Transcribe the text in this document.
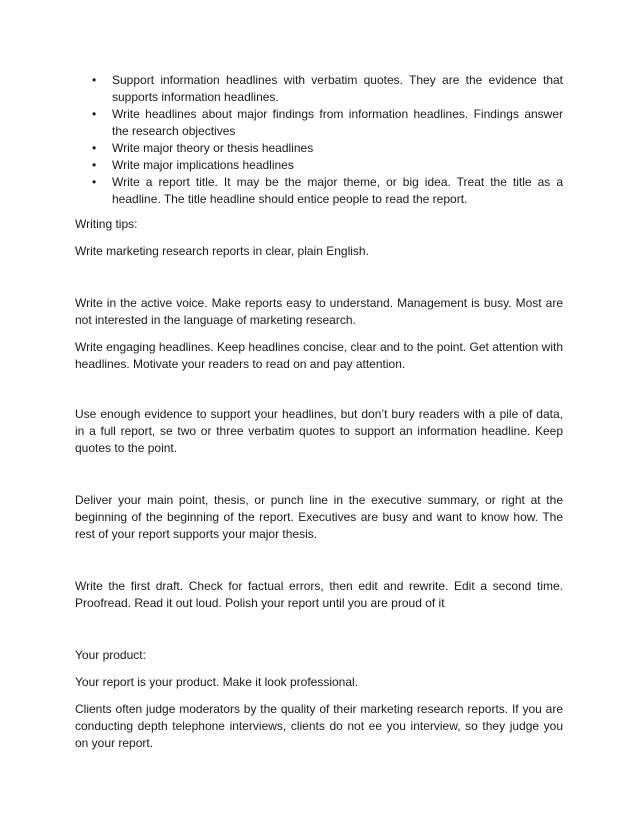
• Support information headlines with verbatim quotes. They are the evidence that supports information headlines.
• Write headlines about major findings from information headlines. Findings answer the research objectives
• Write major theory or thesis headlines
• Write major implications headlines
• Write a report title. It may be the major theme, or big idea. Treat the title as a headline. The title headline should entice people to read the report.

Writing tips:

Write marketing research reports in clear, plain English.

Write in the active voice. Make reports easy to understand. Management is busy. Most are not interested in the language of marketing research.

Write engaging headlines. Keep headlines concise, clear and to the point. Get attention with headlines. Motivate your readers to read on and pay attention.

Use enough evidence to support your headlines, but don’t bury readers with a pile of data, in a full report, se two or three verbatim quotes to support an information headline. Keep quotes to the point.

Deliver your main point, thesis, or punch line in the executive summary, or right at the beginning of the beginning of the report. Executives are busy and want to know how. The rest of your report supports your major thesis.

Write the first draft. Check for factual errors, then edit and rewrite. Edit a second time. Proofread. Read it out loud. Polish your report until you are proud of it

Your product:

Your report is your product. Make it look professional.

Clients often judge moderators by the quality of their marketing research reports. If you are conducting depth telephone interviews, clients do not ee you interview, so they judge you on your report.
